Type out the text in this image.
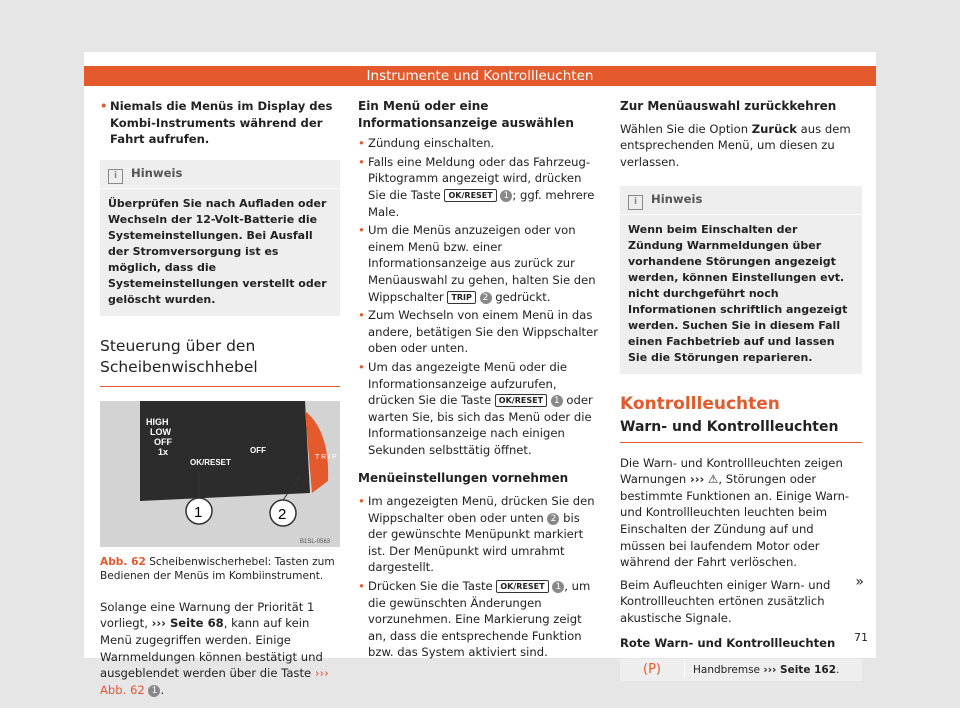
Instrumente und Kontrollleuchten
• Niemals die Menüs im Display des Kombi-Instruments während der Fahrt aufrufen.
i Hinweis
Überprüfen Sie nach Aufladen oder Wechseln der 12-Volt-Batterie die Systemeinstellungen. Bei Ausfall der Stromversorgung ist es möglich, dass die Systemeinstellungen verstellt oder gelöscht wurden.
Steuerung über den Scheibenwischhebel
HIGH
LOW
OFF
1x
OK/RESET
OFF
T R I P
1	2
B1SL-0563
Abb. 62 Scheibenwischerhebel: Tasten zum Bedienen der Menüs im Kombiinstrument.
Solange eine Warnung der Priorität 1 vorliegt, ››› Seite 68, kann auf kein Menü zugegriffen werden. Einige Warnmeldungen können bestätigt und ausgeblendet werden über die Taste ››› Abb. 62 1 .
Ein Menü oder eine Informationsanzeige auswählen
• Zündung einschalten.
• Falls eine Meldung oder das Fahrzeug-Piktogramm angezeigt wird, drücken Sie die Taste OK/RESET 1 ; ggf. mehrere Male.
• Um die Menüs anzuzeigen oder von einem Menü bzw. einer Informationsanzeige aus zurück zur Menüauswahl zu gehen, halten Sie den Wippschalter TRIP 2 gedrückt.
• Zum Wechseln von einem Menü in das andere, betätigen Sie den Wippschalter oben oder unten.
• Um das angezeigte Menü oder die Informationsanzeige aufzurufen, drücken Sie die Taste OK/RESET 1 oder warten Sie, bis sich das Menü oder die Informationsanzeige nach einigen Sekunden selbsttätig öffnet.
Menüeinstellungen vornehmen
• Im angezeigten Menü, drücken Sie den Wippschalter oben oder unten 2 bis der gewünschte Menüpunkt markiert ist. Der Menüpunkt wird umrahmt dargestellt.
• Drücken Sie die Taste OK/RESET 1 , um die gewünschten Änderungen vorzunehmen. Eine Markierung zeigt an, dass die entsprechende Funktion bzw. das System aktiviert sind.
Zur Menüauswahl zurückkehren
Wählen Sie die Option Zurück aus dem entsprechenden Menü, um diesen zu verlassen.
i Hinweis
Wenn beim Einschalten der Zündung Warnmeldungen über vorhandene Störungen angezeigt werden, können Einstellungen evt. nicht durchgeführt noch Informationen schriftlich angezeigt werden. Suchen Sie in diesem Fall einen Fachbetrieb auf und lassen Sie die Störungen reparieren.
Kontrollleuchten
Warn- und Kontrollleuchten
Die Warn- und Kontrollleuchten zeigen Warnungen ››› ⚠, Störungen oder bestimmte Funktionen an. Einige Warn- und Kontrollleuchten leuchten beim Einschalten der Zündung auf und müssen bei laufendem Motor oder während der Fahrt verlöschen.
Beim Aufleuchten einiger Warn- und Kontrollleuchten ertönen zusätzlich akustische Signale.
Rote Warn- und Kontrollleuchten
(P)	Handbremse ››› Seite 162.
»
71
